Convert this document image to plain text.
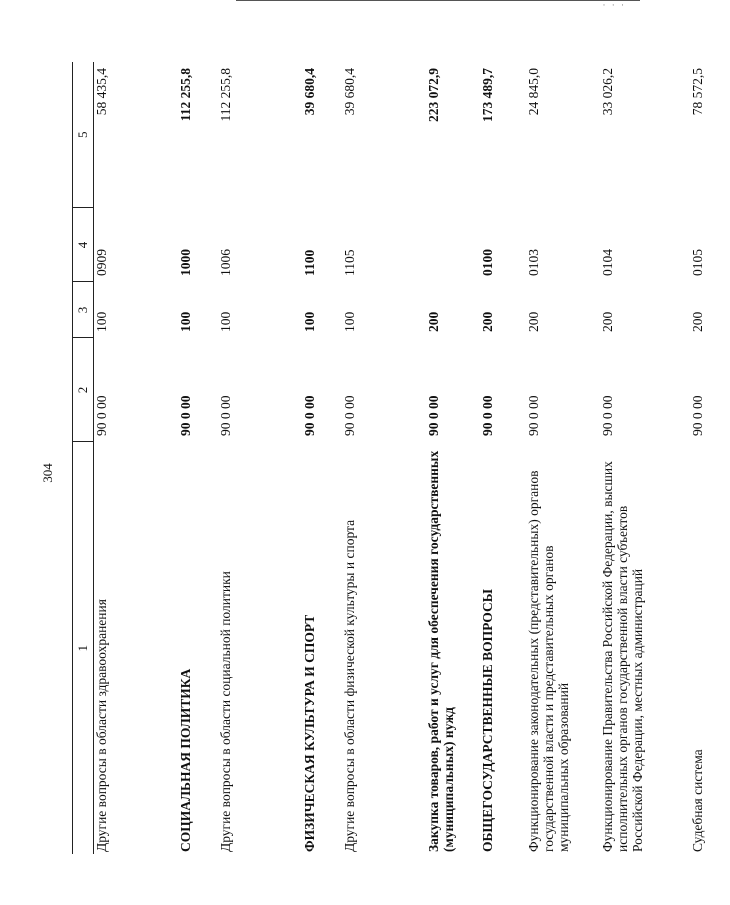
· · ·
304
1	2	3	4	5
Другие вопросы в области здравоохранения	90 0 00	100	0909	58 435,4
СОЦИАЛЬНАЯ ПОЛИТИКА	90 0 00	100	1000	112 255,8
Другие вопросы в области социальной политики	90 0 00	100	1006	112 255,8
ФИЗИЧЕСКАЯ КУЛЬТУРА И СПОРТ	90 0 00	100	1100	39 680,4
Другие вопросы в области физической культуры и спорта	90 0 00	100	1105	39 680,4
Закупка товаров, работ и услуг для обеспечения государственных (муниципальных) нужд	90 0 00	200		223 072,9
ОБЩЕГОСУДАРСТВЕННЫЕ ВОПРОСЫ	90 0 00	200	0100	173 489,7
Функционирование законодательных (представительных) органов государственной власти и представительных органов муниципальных образований	90 0 00	200	0103	24 845,0
Функционирование Правительства Российской Федерации, высших исполнительных органов государственной власти субъектов Российской Федерации, местных администраций	90 0 00	200	0104	33 026,2
Судебная система	90 0 00	200	0105	78 572,5
